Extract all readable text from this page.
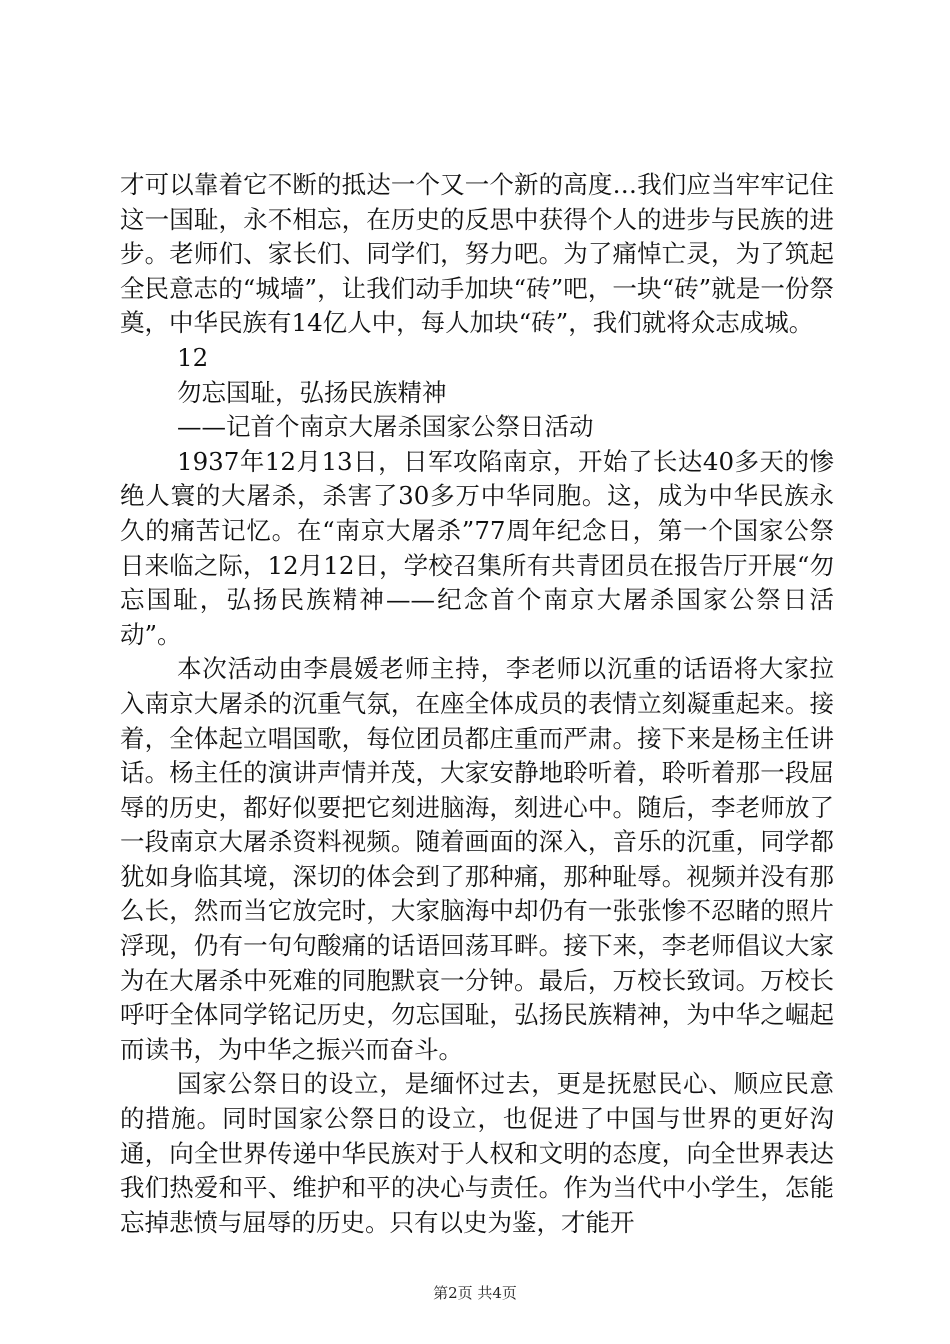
才可以靠着它不断的抵达一个又一个新的高度…我们应当牢牢记住这一国耻，永不相忘，在历史的反思中获得个人的进步与民族的进步。老师们、家长们、同学们，努力吧。为了痛悼亡灵，为了筑起全民意志的“城墙”，让我们动手加块“砖”吧，一块“砖”就是一份祭奠，中华民族有14亿人中，每人加块“砖”，我们就将众志成城。

12

勿忘国耻，弘扬民族精神

——记首个南京大屠杀国家公祭日活动

1937年12月13日，日军攻陷南京，开始了长达40多天的惨绝人寰的大屠杀，杀害了30多万中华同胞。这，成为中华民族永久的痛苦记忆。在“南京大屠杀”77周年纪念日，第一个国家公祭日来临之际，12月12日，学校召集所有共青团员在报告厅开展“勿忘国耻，弘扬民族精神——纪念首个南京大屠杀国家公祭日活动”。

本次活动由李晨媛老师主持，李老师以沉重的话语将大家拉入南京大屠杀的沉重气氛，在座全体成员的表情立刻凝重起来。接着，全体起立唱国歌，每位团员都庄重而严肃。接下来是杨主任讲话。杨主任的演讲声情并茂，大家安静地聆听着，聆听着那一段屈辱的历史，都好似要把它刻进脑海，刻进心中。随后，李老师放了一段南京大屠杀资料视频。随着画面的深入，音乐的沉重，同学都犹如身临其境，深切的体会到了那种痛，那种耻辱。视频并没有那么长，然而当它放完时，大家脑海中却仍有一张张惨不忍睹的照片浮现，仍有一句句酸痛的话语回荡耳畔。接下来，李老师倡议大家为在大屠杀中死难的同胞默哀一分钟。最后，万校长致词。万校长呼吁全体同学铭记历史，勿忘国耻，弘扬民族精神，为中华之崛起而读书，为中华之振兴而奋斗。

国家公祭日的设立，是缅怀过去，更是抚慰民心、顺应民意的措施。同时国家公祭日的设立，也促进了中国与世界的更好沟通，向全世界传递中华民族对于人权和文明的态度，向全世界表达我们热爱和平、维护和平的决心与责任。作为当代中小学生，怎能忘掉悲愤与屈辱的历史。只有以史为鉴，才能开

第2页 共4页
